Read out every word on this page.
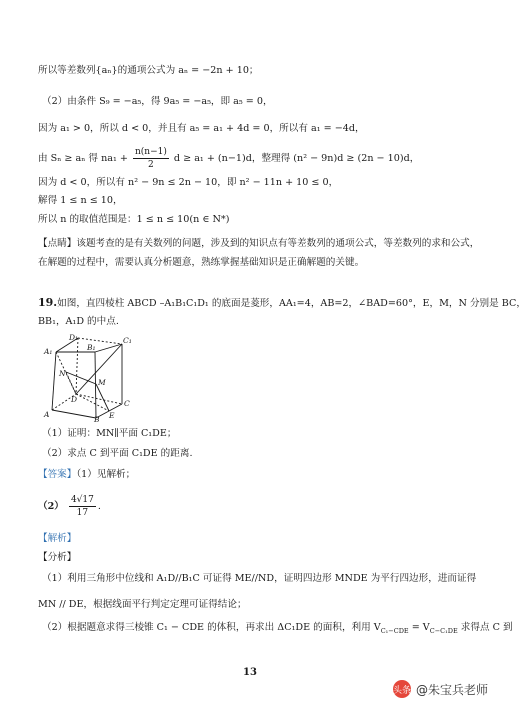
所以等差数列{aₙ}的通项公式为 aₙ = −2n + 10；
（2）由条件 S₉ = −a₅，得 9a₅ = −a₅，即 a₅ = 0，
因为 a₁ > 0，所以 d < 0，并且有 a₅ = a₁ + 4d = 0，所以有 a₁ = −4d，
由 Sₙ ≥ aₙ 得 $na_1 + \frac{n(n-1)}{2}$ d ≥ a₁ + (n−1)d，整理得 (n² − 9n)d ≥ (2n − 10)d，
因为 d < 0，所以有 n² − 9n ≤ 2n − 10，即 n² − 11n + 10 ≤ 0，
解得 1 ≤ n ≤ 10，
所以 n 的取值范围是：1 ≤ n ≤ 10(n ∈ N*)
【点睛】该题考查的是有关数列的问题，涉及到的知识点有等差数列的通项公式，等差数列的求和公式，
在解题的过程中，需要认真分析题意，熟练掌握基础知识是正确解题的关键。
19.如图，直四棱柱 ABCD –A₁B₁C₁D₁ 的底面是菱形，AA₁=4，AB=2，∠BAD=60°，E，M，N 分别是 BC，
BB₁，A₁D 的中点.
D₁	C₁
A₁	B₁
N
M
D	C
A
B E
（1）证明：MN∥平面 C₁DE；
（2）求点 C 到平面 C₁DE 的距离.
【答案】（1）见解析；
$(2) \frac{4√17}{17}$ .
【解析】
【分析】
（1）利用三角形中位线和 A₁D//B₁C 可证得 ME//ND，证明四边形 MNDE 为平行四边形，进而证得
MN // DE，根据线面平行判定定理可证得结论；
（2）根据题意求得三棱锥 C₁ − CDE 的体积，再求出 ΔC₁DE 的面积，利用 $V_{C_1-CDE} = V_{C-C_1DE}$ 求得点 C 到
13
头条 @朱宝兵老师
